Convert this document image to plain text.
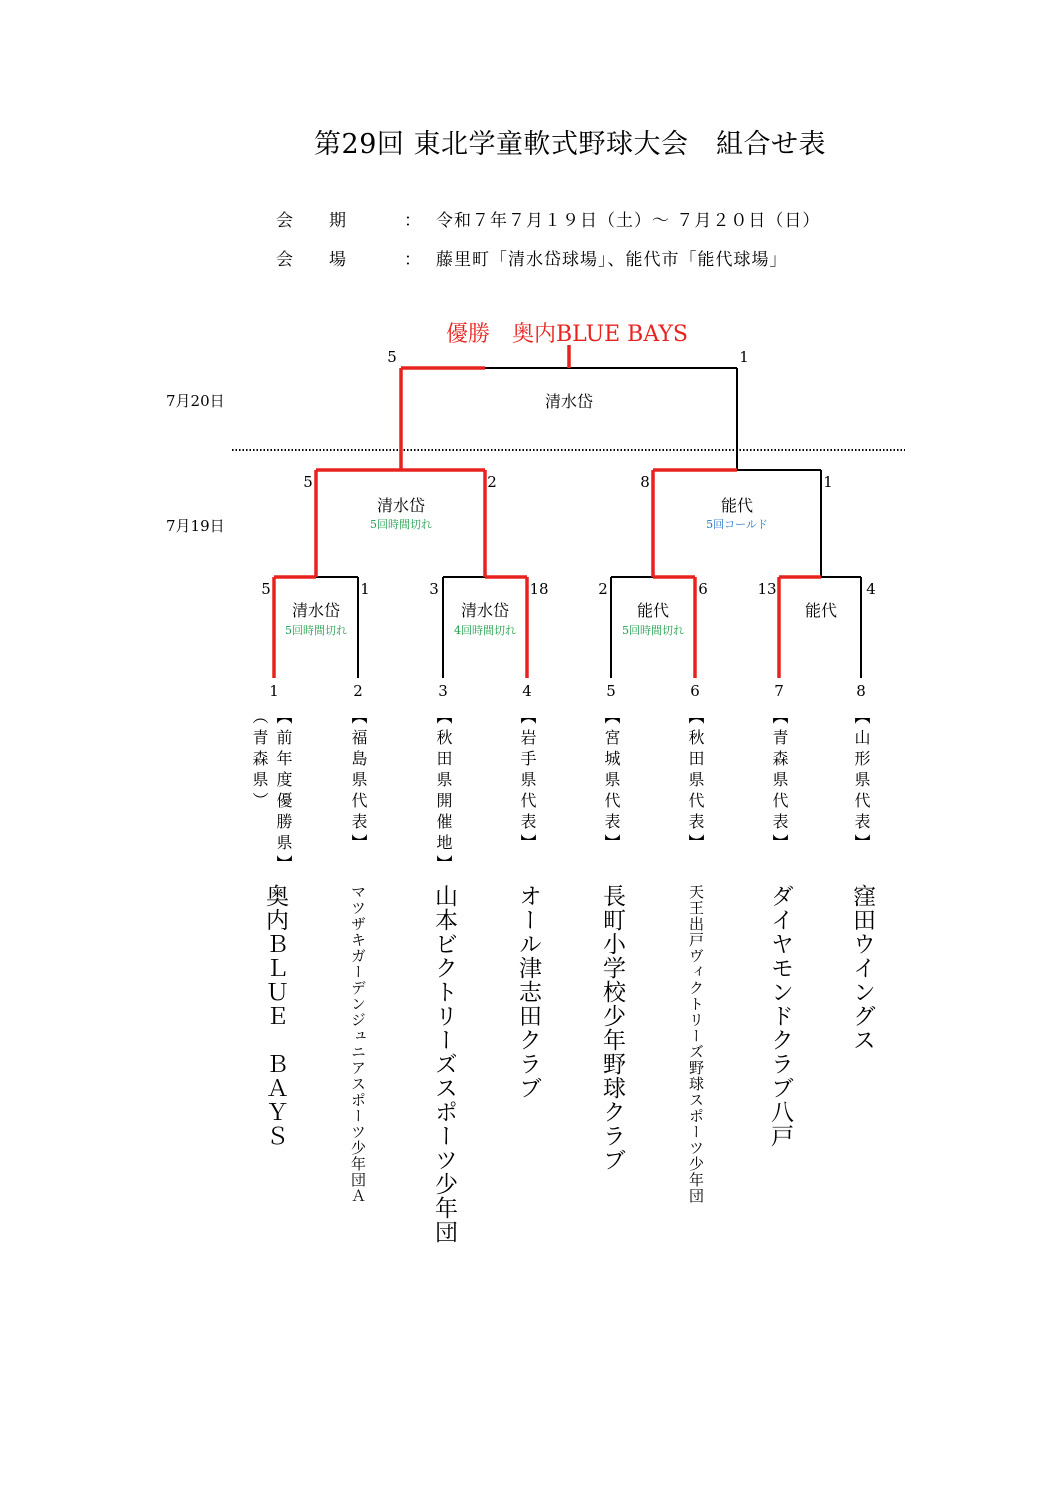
第29回 東北学童軟式野球大会　組合せ表
会期 ： 令和７年７月１９日（土）～ ７月２０日（日）
会場 ： 藤里町「清水岱球場」、能代市「能代球場」
優勝　奥内BLUE BAYS
7月20日
7月19日
5	1
清水岱
5	2
清水岱
5回時間切れ
8	1
能代
5回コールド
5	1
清水岱
5回時間切れ
3	18
清水岱
4回時間切れ
2	6
能代
5回時間切れ
13	4
能代
1	2	3	4	5	6	7	8
【前年度優勝県】
（青森県）
奥内ＢＬＵＥ　ＢＡＹＳ
【福島県代表】
マツザキガーデンジュニアスポーツ少年団Ａ
【秋田県開催地】
山本ビクトリーズスポーツ少年団
【岩手県代表】
オール津志田クラブ
【宮城県代表】
長町小学校少年野球クラブ
【秋田県代表】
天王出戸ヴィクトリーズ野球スポーツ少年団
【青森県代表】
ダイヤモンドクラブ八戸
【山形県代表】
窪田ウイングス
